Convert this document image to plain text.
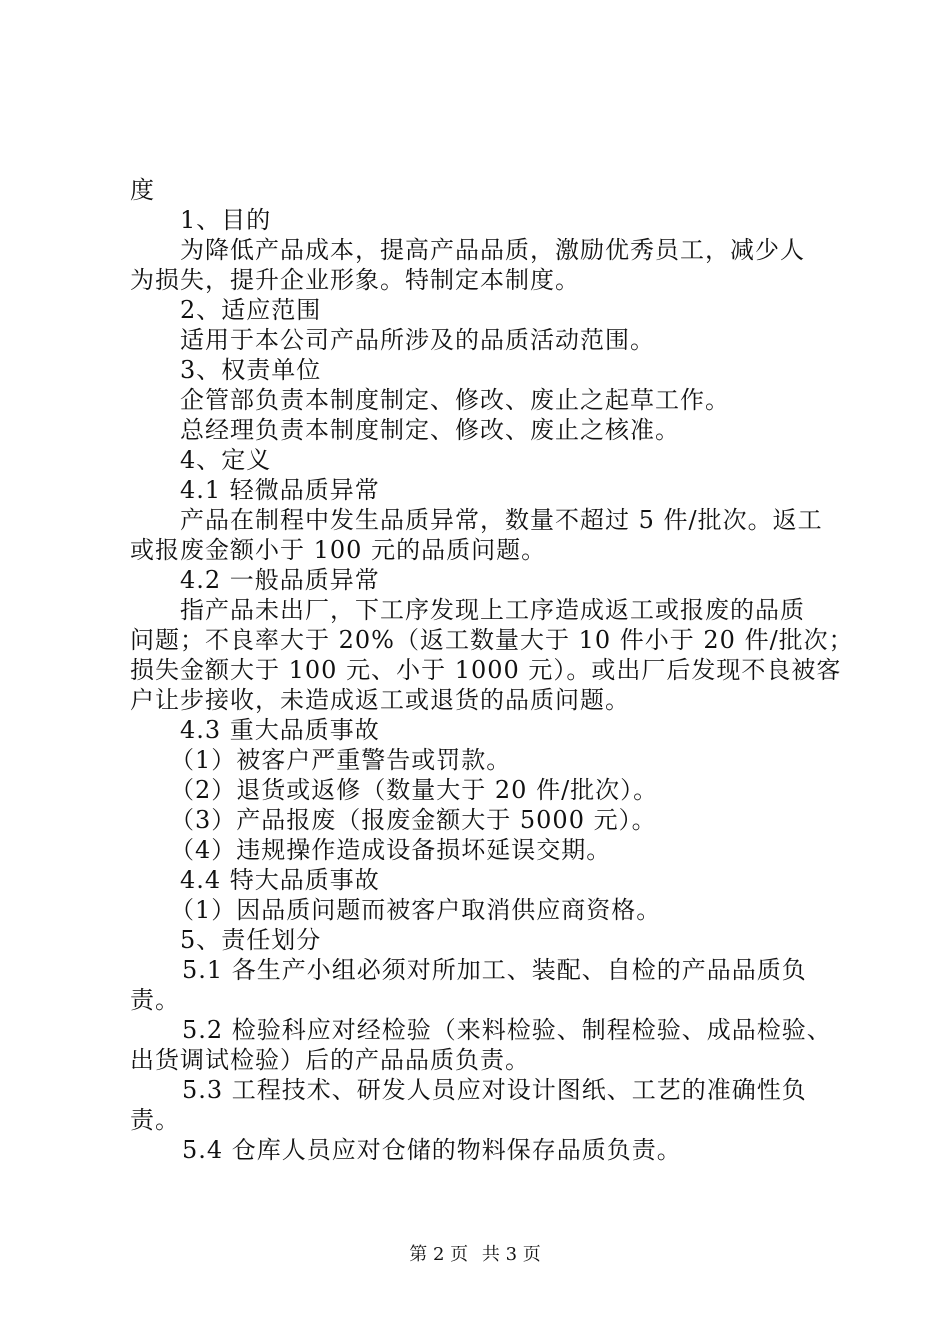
度
1、目的
为降低产品成本，提高产品品质，激励优秀员工，减少人
为损失，提升企业形象。特制定本制度。
2、适应范围
适用于本公司产品所涉及的品质活动范围。
3、权责单位
企管部负责本制度制定、修改、废止之起草工作。
总经理负责本制度制定、修改、废止之核准。
4、定义
4.1 轻微品质异常
产品在制程中发生品质异常，数量不超过 5 件/批次。返工
或报废金额小于 100 元的品质问题。
4.2 一般品质异常
指产品未出厂，下工序发现上工序造成返工或报废的品质
问题；不良率大于 20%（返工数量大于 10 件小于 20 件/批次；
损失金额大于 100 元、小于 1000 元）。或出厂后发现不良被客
户让步接收，未造成返工或退货的品质问题。
4.3 重大品质事故
（1）被客户严重警告或罚款。
（2）退货或返修（数量大于 20 件/批次）。
（3）产品报废（报废金额大于 5000 元）。
（4）违规操作造成设备损坏延误交期。
4.4 特大品质事故
（1）因品质问题而被客户取消供应商资格。
5、责任划分
5.1 各生产小组必须对所加工、装配、自检的产品品质负
责。
5.2 检验科应对经检验（来料检验、制程检验、成品检验、
出货调试检验）后的产品品质负责。
5.3 工程技术、研发人员应对设计图纸、工艺的准确性负
责。
5.4 仓库人员应对仓储的物料保存品质负责。
第 2 页 共 3 页
